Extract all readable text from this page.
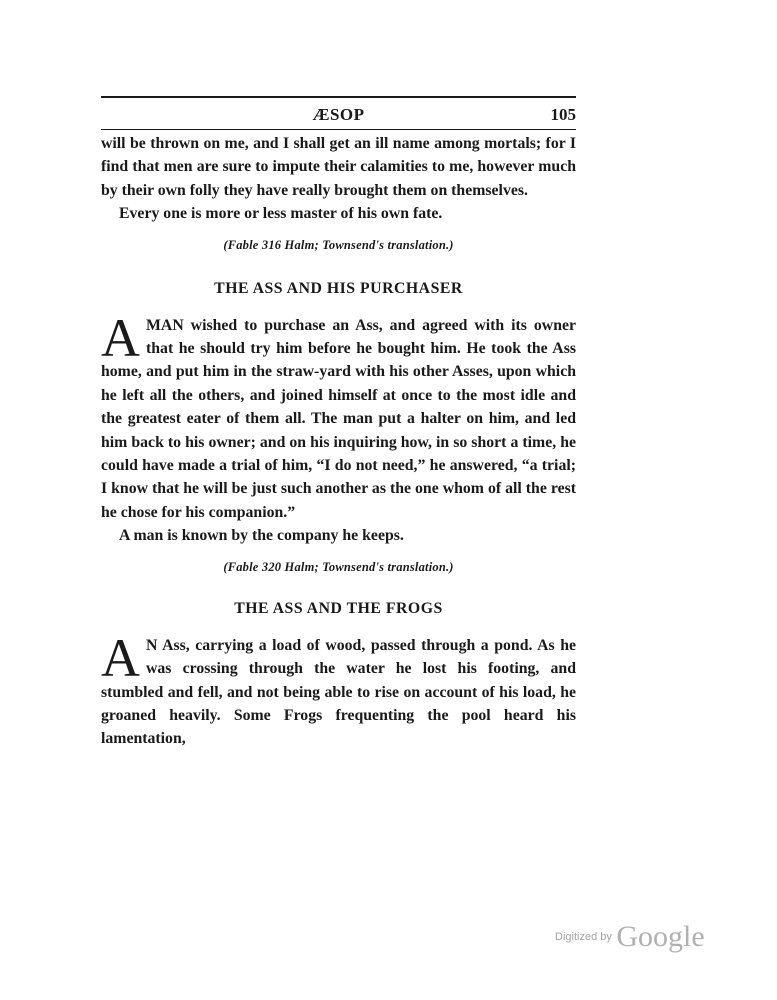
ÆSOP	105

will be thrown on me, and I shall get an ill name among mortals; for I find that men are sure to impute their calamities to me, however much by their own folly they have really brought them on themselves.

Every one is more or less master of his own fate.

(Fable 316 Halm; Townsend's translation.)

THE ASS AND HIS PURCHASER

A MAN wished to purchase an Ass, and agreed with its owner that he should try him before he bought him. He took the Ass home, and put him in the straw-yard with his other Asses, upon which he left all the others, and joined himself at once to the most idle and the greatest eater of them all. The man put a halter on him, and led him back to his owner; and on his inquiring how, in so short a time, he could have made a trial of him, “I do not need,” he answered, “a trial; I know that he will be just such another as the one whom of all the rest he chose for his companion.”

A man is known by the company he keeps.

(Fable 320 Halm; Townsend's translation.)

THE ASS AND THE FROGS

A N Ass, carrying a load of wood, passed through a pond. As he was crossing through the water he lost his footing, and stumbled and fell, and not being able to rise on account of his load, he groaned heavily. Some Frogs frequenting the pool heard his lamentation,

$^{Digitized by}$ Google
